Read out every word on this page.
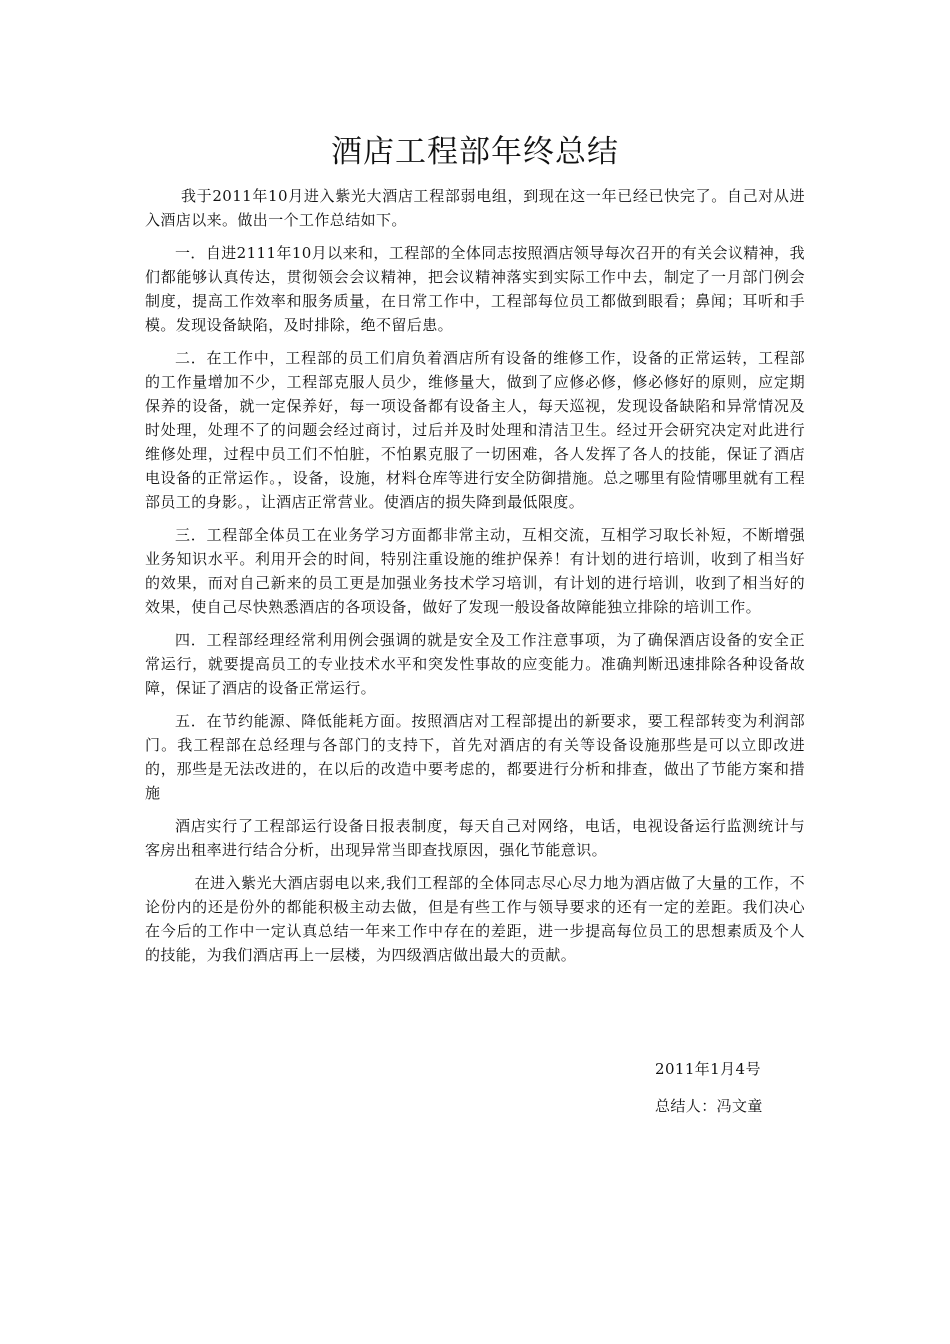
酒店工程部年终总结

我于2011年10月进入紫光大酒店工程部弱电组，到现在这一年已经已快完了。自己对从进入酒店以来。做出一个工作总结如下。

一．自进2111年10月以来和，工程部的全体同志按照酒店领导每次召开的有关会议精神，我们都能够认真传达，贯彻领会会议精神，把会议精神落实到实际工作中去，制定了一月部门例会制度，提高工作效率和服务质量，在日常工作中，工程部每位员工都做到眼看；鼻闻；耳听和手模。发现设备缺陷，及时排除，绝不留后患。

二．在工作中，工程部的员工们肩负着酒店所有设备的维修工作，设备的正常运转，工程部的工作量增加不少，工程部克服人员少，维修量大，做到了应修必修，修必修好的原则，应定期保养的设备，就一定保养好，每一项设备都有设备主人，每天巡视，发现设备缺陷和异常情况及时处理，处理不了的问题会经过商讨，过后并及时处理和清洁卫生。经过开会研究决定对此进行维修处理，过程中员工们不怕脏，不怕累克服了一切困难，各人发挥了各人的技能，保证了酒店电设备的正常运作。，设备，设施，材料仓库等进行安全防御措施。总之哪里有险情哪里就有工程部员工的身影。，让酒店正常营业。使酒店的损失降到最低限度。

三．工程部全体员工在业务学习方面都非常主动，互相交流，互相学习取长补短，不断增强业务知识水平。利用开会的时间，特别注重设施的维护保养！有计划的进行培训，收到了相当好的效果，而对自己新来的员工更是加强业务技术学习培训，有计划的进行培训，收到了相当好的效果，使自己尽快熟悉酒店的各项设备，做好了发现一般设备故障能独立排除的培训工作。

四．工程部经理经常利用例会强调的就是安全及工作注意事项，为了确保酒店设备的安全正常运行，就要提高员工的专业技术水平和突发性事故的应变能力。准确判断迅速排除各种设备故障，保证了酒店的设备正常运行。

五．在节约能源、降低能耗方面。按照酒店对工程部提出的新要求，要工程部转变为利润部门。我工程部在总经理与各部门的支持下，首先对酒店的有关等设备设施那些是可以立即改进的，那些是无法改进的，在以后的改造中要考虑的，都要进行分析和排查，做出了节能方案和措施

酒店实行了工程部运行设备日报表制度，每天自己对网络，电话，电视设备运行监测统计与客房出租率进行结合分析，出现异常当即查找原因，强化节能意识。

在进入紫光大酒店弱电以来,我们工程部的全体同志尽心尽力地为酒店做了大量的工作，不论份内的还是份外的都能积极主动去做，但是有些工作与领导要求的还有一定的差距。我们决心在今后的工作中一定认真总结一年来工作中存在的差距，进一步提高每位员工的思想素质及个人的技能，为我们酒店再上一层楼，为四级酒店做出最大的贡献。

2011年1月4号
总结人：冯文童
